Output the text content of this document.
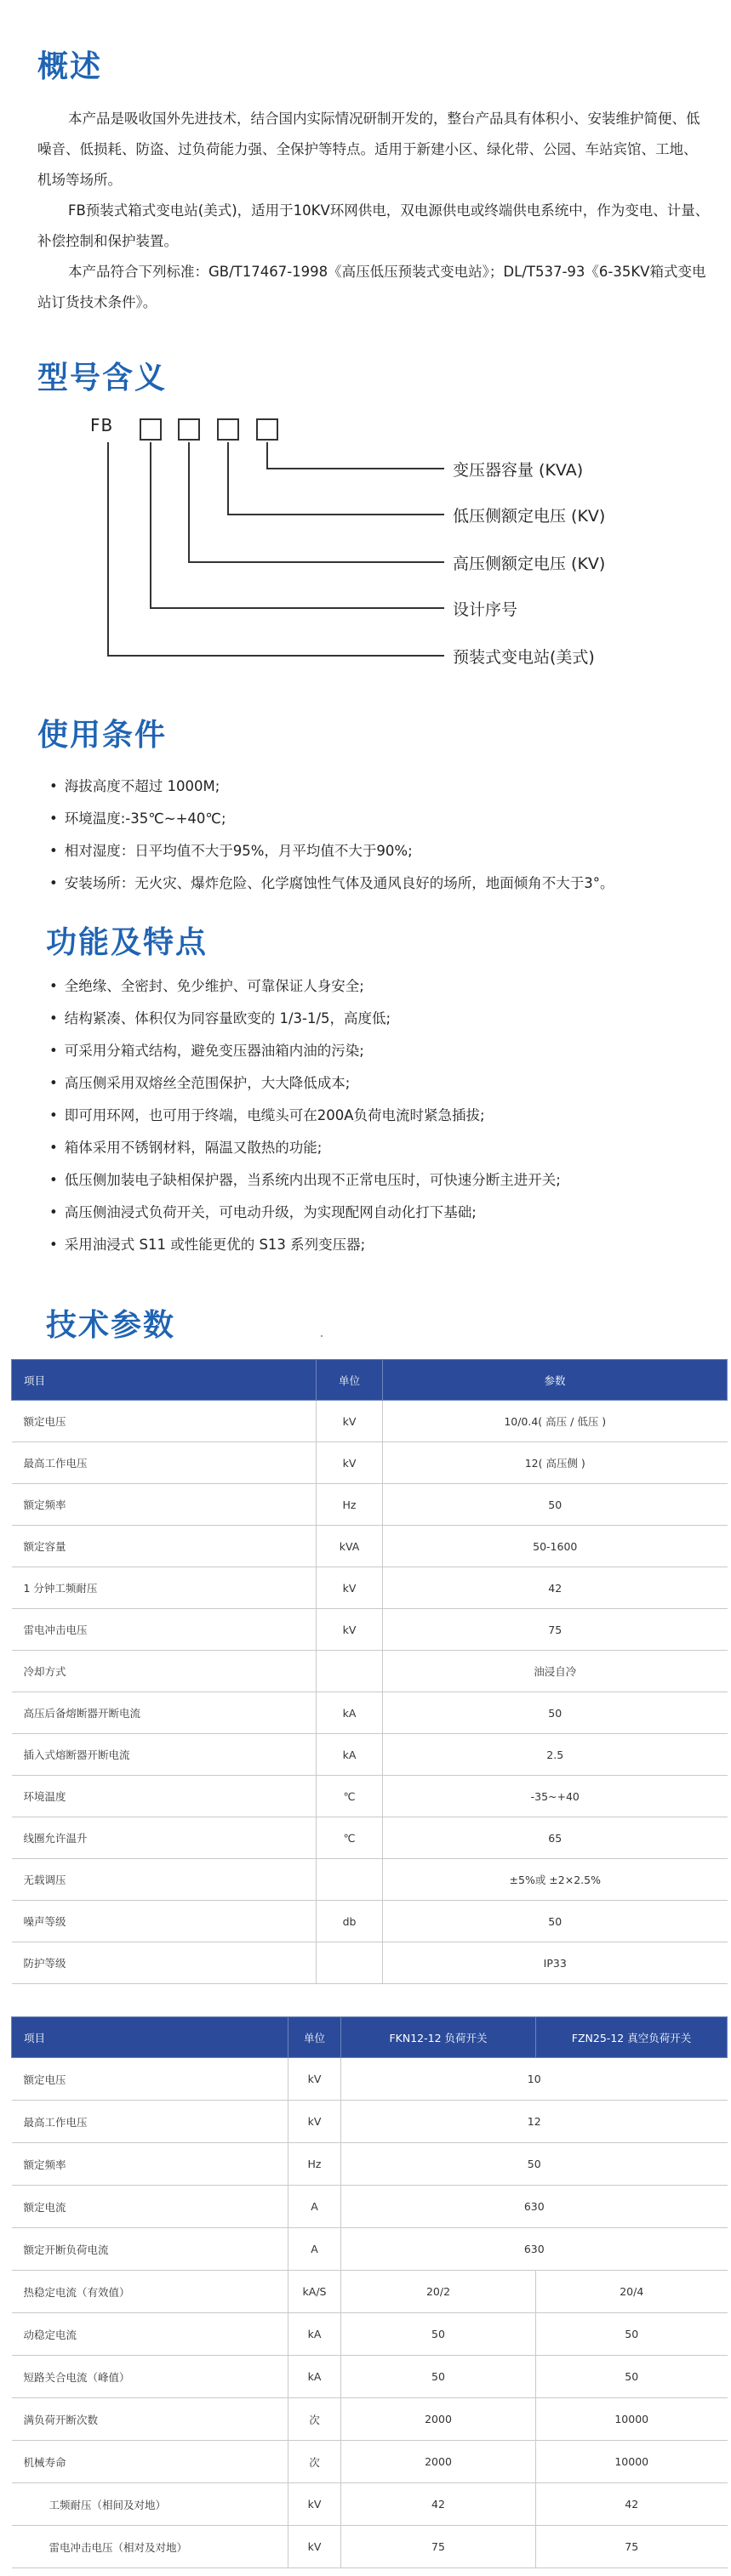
概述

本产品是吸收国外先进技术，结合国内实际情况研制开发的，整台产品具有体积小、安装维护简便、低噪音、低损耗、防盗、过负荷能力强、全保护等特点。适用于新建小区、绿化带、公园、车站宾馆、工地、机场等场所。

FB预装式箱式变电站(美式)，适用于10KV环网供电，双电源供电或终端供电系统中，作为变电、计量、补偿控制和保护装置。

本产品符合下列标准：GB/T17467-1998《高压低压预装式变电站》；DL/T537-93《6-35KV箱式变电站订货技术条件》。

型号含义
FB
变压器容量 (KVA)
低压侧额定电压 (KV)
高压侧额定电压 (KV)
设计序号
预装式变电站(美式)
使用条件
• 海拔高度不超过 1000M;
• 环境温度:-35℃~+40℃;
• 相对湿度：日平均值不大于95%，月平均值不大于90%;
• 安装场所：无火灾、爆炸危险、化学腐蚀性气体及通风良好的场所，地面倾角不大于3°。
功能及特点
• 全绝缘、全密封、免少维护、可靠保证人身安全;
• 结构紧凑、体积仅为同容量欧变的 1/3-1/5，高度低;
• 可采用分箱式结构，避免变压器油箱内油的污染;
• 高压侧采用双熔丝全范围保护，大大降低成本;
• 即可用环网，也可用于终端，电缆头可在200A负荷电流时紧急插拔;
• 箱体采用不锈钢材料，隔温又散热的功能;
• 低压侧加装电子缺相保护器，当系统内出现不正常电压时，可快速分断主进开关;
• 高压侧油浸式负荷开关，可电动升级，为实现配网自动化打下基础;
• 采用油浸式 S11 或性能更优的 S13 系列变压器;
技术参数
项目	单位	参数
额定电压	kV	10/0.4( 高压 / 低压 )
最高工作电压	kV	12( 高压侧 )
额定频率	Hz	50
额定容量	kVA	50-1600
1 分钟工频耐压	kV	42
雷电冲击电压	kV	75
冷却方式		油浸自冷
高压后备熔断器开断电流	kA	50
插入式熔断器开断电流	kA	2.5
环境温度	℃	-35~+40
线圈允许温升	℃	65
无载调压		±5%或 ±2×2.5%
噪声等级	db	50
防护等级		IP33
项目	单位	FKN12-12 负荷开关	FZN25-12 真空负荷开关
额定电压	kV	10	
最高工作电压	kV	12	
额定频率	Hz	50	
额定电流	A	630	
额定开断负荷电流	A	630	
热稳定电流（有效值）	kA/S	20/2	20/4
动稳定电流	kA	50	50
短路关合电流（峰值）	kA	50	50
满负荷开断次数	次	2000	10000
机械寿命	次	2000	10000
工频耐压（相间及对地）	kV	42	42
雷电冲击电压（相对及对地）	kV	75	75
